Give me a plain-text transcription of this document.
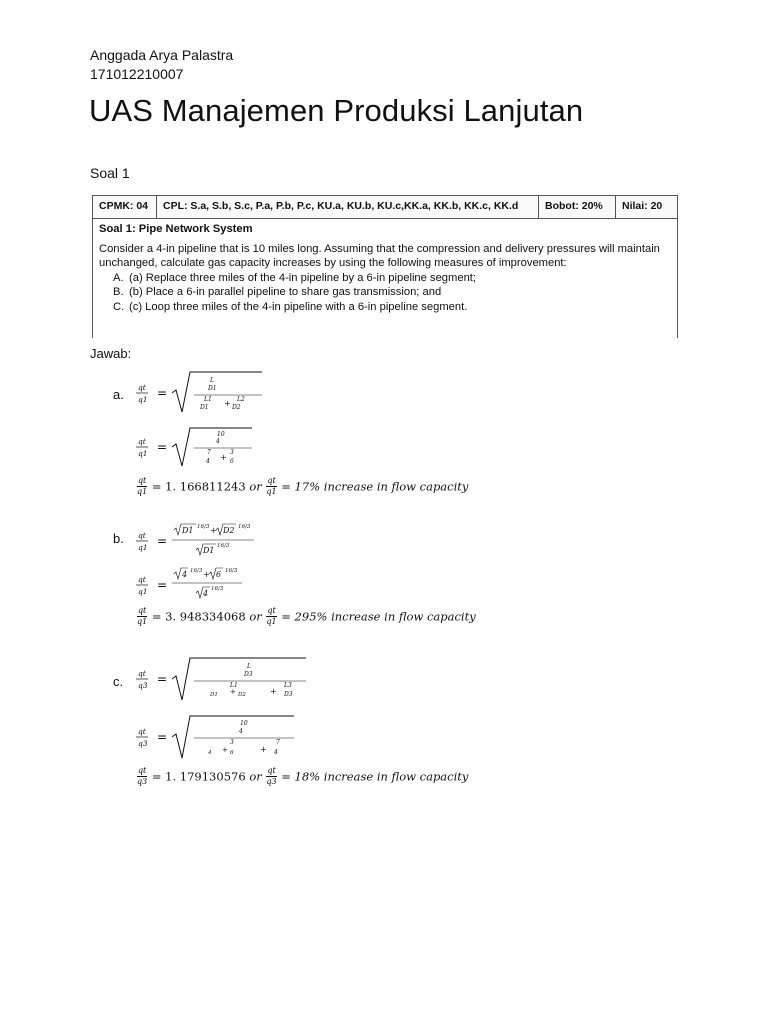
Anggada Arya Palastra
171012210007
UAS Manajemen Produksi Lanjutan
Soal 1
CPMK: 04	CPL: S.a, S.b, S.c, P.a, P.b, P.c, KU.a, KU.b, KU.c,KK.a, KK.b, KK.c, KK.d	Bobot: 20%	Nilai: 20
Soal 1: Pipe Network System
Consider a 4-in pipeline that is 10 miles long. Assuming that the compression and delivery pressures will maintain unchanged, calculate gas capacity increases by using the following measures of improvement:
A. (a) Replace three miles of the 4-in pipeline by a 6-in pipeline segment;
B. (b) Place a 6-in parallel pipeline to share gas transmission; and
C. (c) Loop three miles of the 4-in pipeline with a 6-in pipeline segment.
Jawab:
a. qt
q1 =
L
D1
L1	L2
D1 + D2
qt
q1 =
10
4
7	3
4 + 6
$\frac{qt}{q1} = 1$. 166811243 or $\frac{qt}{q1} = 17\%$ increase in flow capacity
b. qt
q1 =
D1 16/3 + D2 16/3
D1 16/3
qt
q1 =
4 16/3 + 6 16/3
4 16/3
$\frac{qt}{q1} = 3$. 948334068 or $\frac{qt}{q1} = 295\%$ increase in flow capacity
c.
qt
q3 =
L
D3
L1	L3
D1 + D2	+ D3
qt
q3 =
10
4
3	7
4 + 6	+ 4
$\frac{qt}{q3} = 1$. 179130576 or $\frac{qt}{q3} = 18\%$ increase in flow capacity
